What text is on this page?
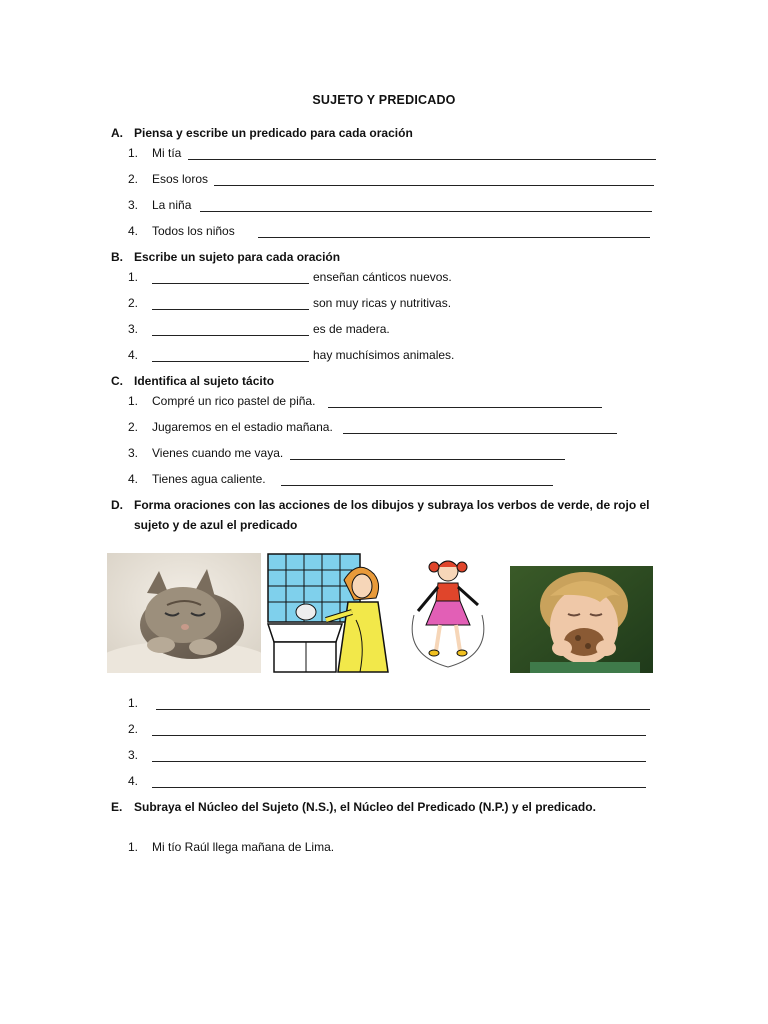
SUJETO Y PREDICADO
A. Piensa y escribe un predicado para cada oración
1. Mi tía
2. Esos loros
3. La niña
4. Todos los niños
B. Escribe un sujeto para cada oración
1.	enseñan cánticos nuevos.
2.	son muy ricas y nutritivas.
3.	es de madera.
4.	hay muchísimos animales.
C. Identifica al sujeto tácito
1. Compré un rico pastel de piña.
2. Jugaremos en el estadio mañana.
3. Vienes cuando me vaya.
4. Tienes agua caliente.
D. Forma oraciones con las acciones de los dibujos y subraya los verbos de verde, de rojo el
sujeto y de azul el predicado
1.
2.
3.
4.
E. Subraya el Núcleo del Sujeto (N.S.), el Núcleo del Predicado (N.P.) y el predicado.
1. Mi tío Raúl llega mañana de Lima.
